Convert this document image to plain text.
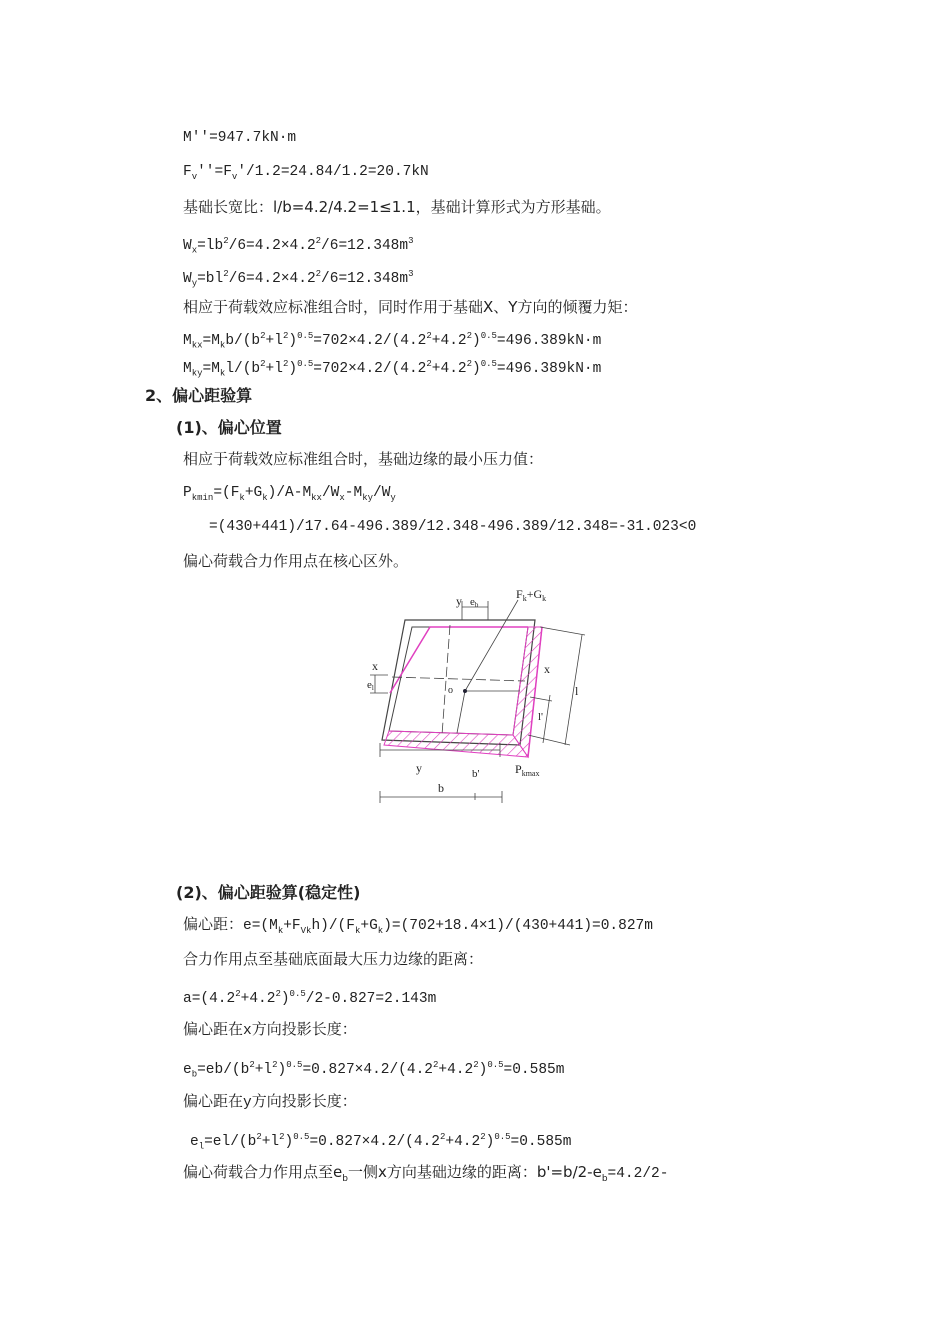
M''=947.7kN·m
$F_v''=F_v'/1.2=24.84/1.2=20.7kN$
基础长宽比：l/b=4.2/4.2=1≤1.1，基础计算形式为方形基础。
$W_x=lb^2/6=4.2\times 4.2^2/6=12.348m^3$
$W_y=bl^2/6=4.2\times 4.2^2/6=12.348m^3$
相应于荷载效应标准组合时，同时作用于基础X、Y方向的倾覆力矩：
$M_{kx}=M_kb/(b^2+l^2)^{0.5}=702\times 4.2/(4.2^2+4.2^2)^{0.5}=496.389kN\cdot m$
$M_{ky}=M_kl/(b^2+l^2)^{0.5}=702\times 4.2/(4.2^2+4.2^2)^{0.5}=496.389kN\cdot m$
2、偏心距验算
(1)、偏心位置
相应于荷载效应标准组合时，基础边缘的最小压力值：
$P_{kmin}=(F_k+G_k)/A-M_{kx}/W_x-M_{ky}/W_y$
=(430+441)/17.64-496.389/12.348-496.389/12.348=-31.023<0
偏心荷载合力作用点在核心区外。
$F_k+G_k$
y eb
x
el
x
l
l'
o
y	b'
b
$P_{kmax}$
(2)、偏心距验算(稳定性)
偏心距：$e=(M_k+F_{Vk}h)/(F_k+G_k)=(702+18.4\times 1)/(430+441)=0.827m$
合力作用点至基础底面最大压力边缘的距离：
$a=(4.2^2+4.2^2)^{0.5}/2-0.827=2.143m$
偏心距在x方向投影长度：
$e_b=eb/(b^2+l^2)^{0.5}=0.827\times 4.2/(4.2^2+4.2^2)^{0.5}=0.585m$
偏心距在y方向投影长度：
$e_l=el/(b^2+l^2)^{0.5}=0.827\times 4.2/(4.2^2+4.2^2)^{0.5}=0.585m$
偏心荷载合力作用点至$e_b$一侧x方向基础边缘的距离：$b'=b/2-e_b=4.2/2-$
